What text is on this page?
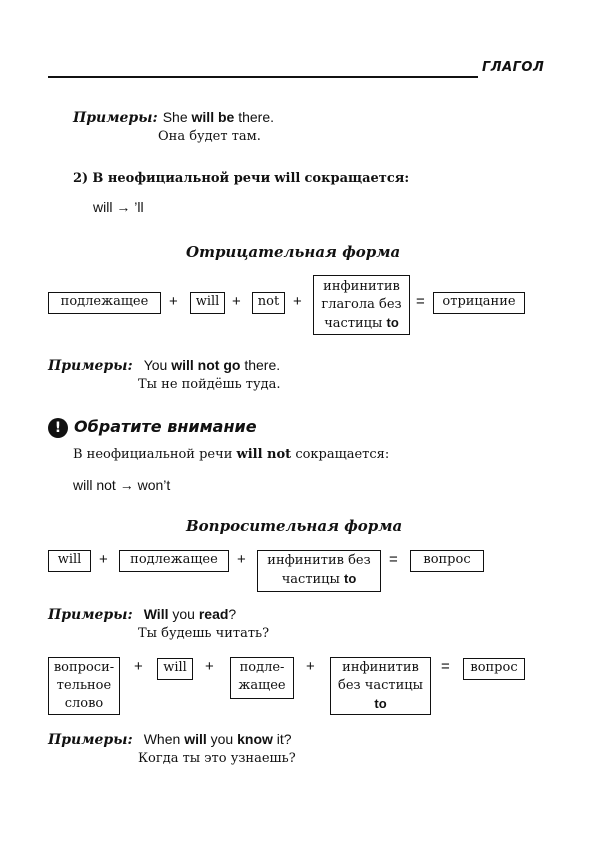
ГЛАГОЛ
Примеры: She will be there.
Она будет там.
2) В неофициальной речи will сокращается:
will → ’ll
Отрицательная форма
подлежащее	+	will +	not +
инфинитив
глагола без
частицы to
=	отрицание
Примеры: You will not go there.
Ты не пойдёшь туда.
! Обратите внимание
В неофициальной речи will not сокращается:
will not → won’t
Вопросительная форма
will	+	подлежащее	+	инфинитив без
частицы to
=	вопрос
Примеры: Will you read?
Ты будешь читать?
вопроси-
тельное
слово
+	will	+	подле-
жащее
+	инфинитив
без частицы
to
=	вопрос
Примеры: When will you know it?
Когда ты это узнаешь?
